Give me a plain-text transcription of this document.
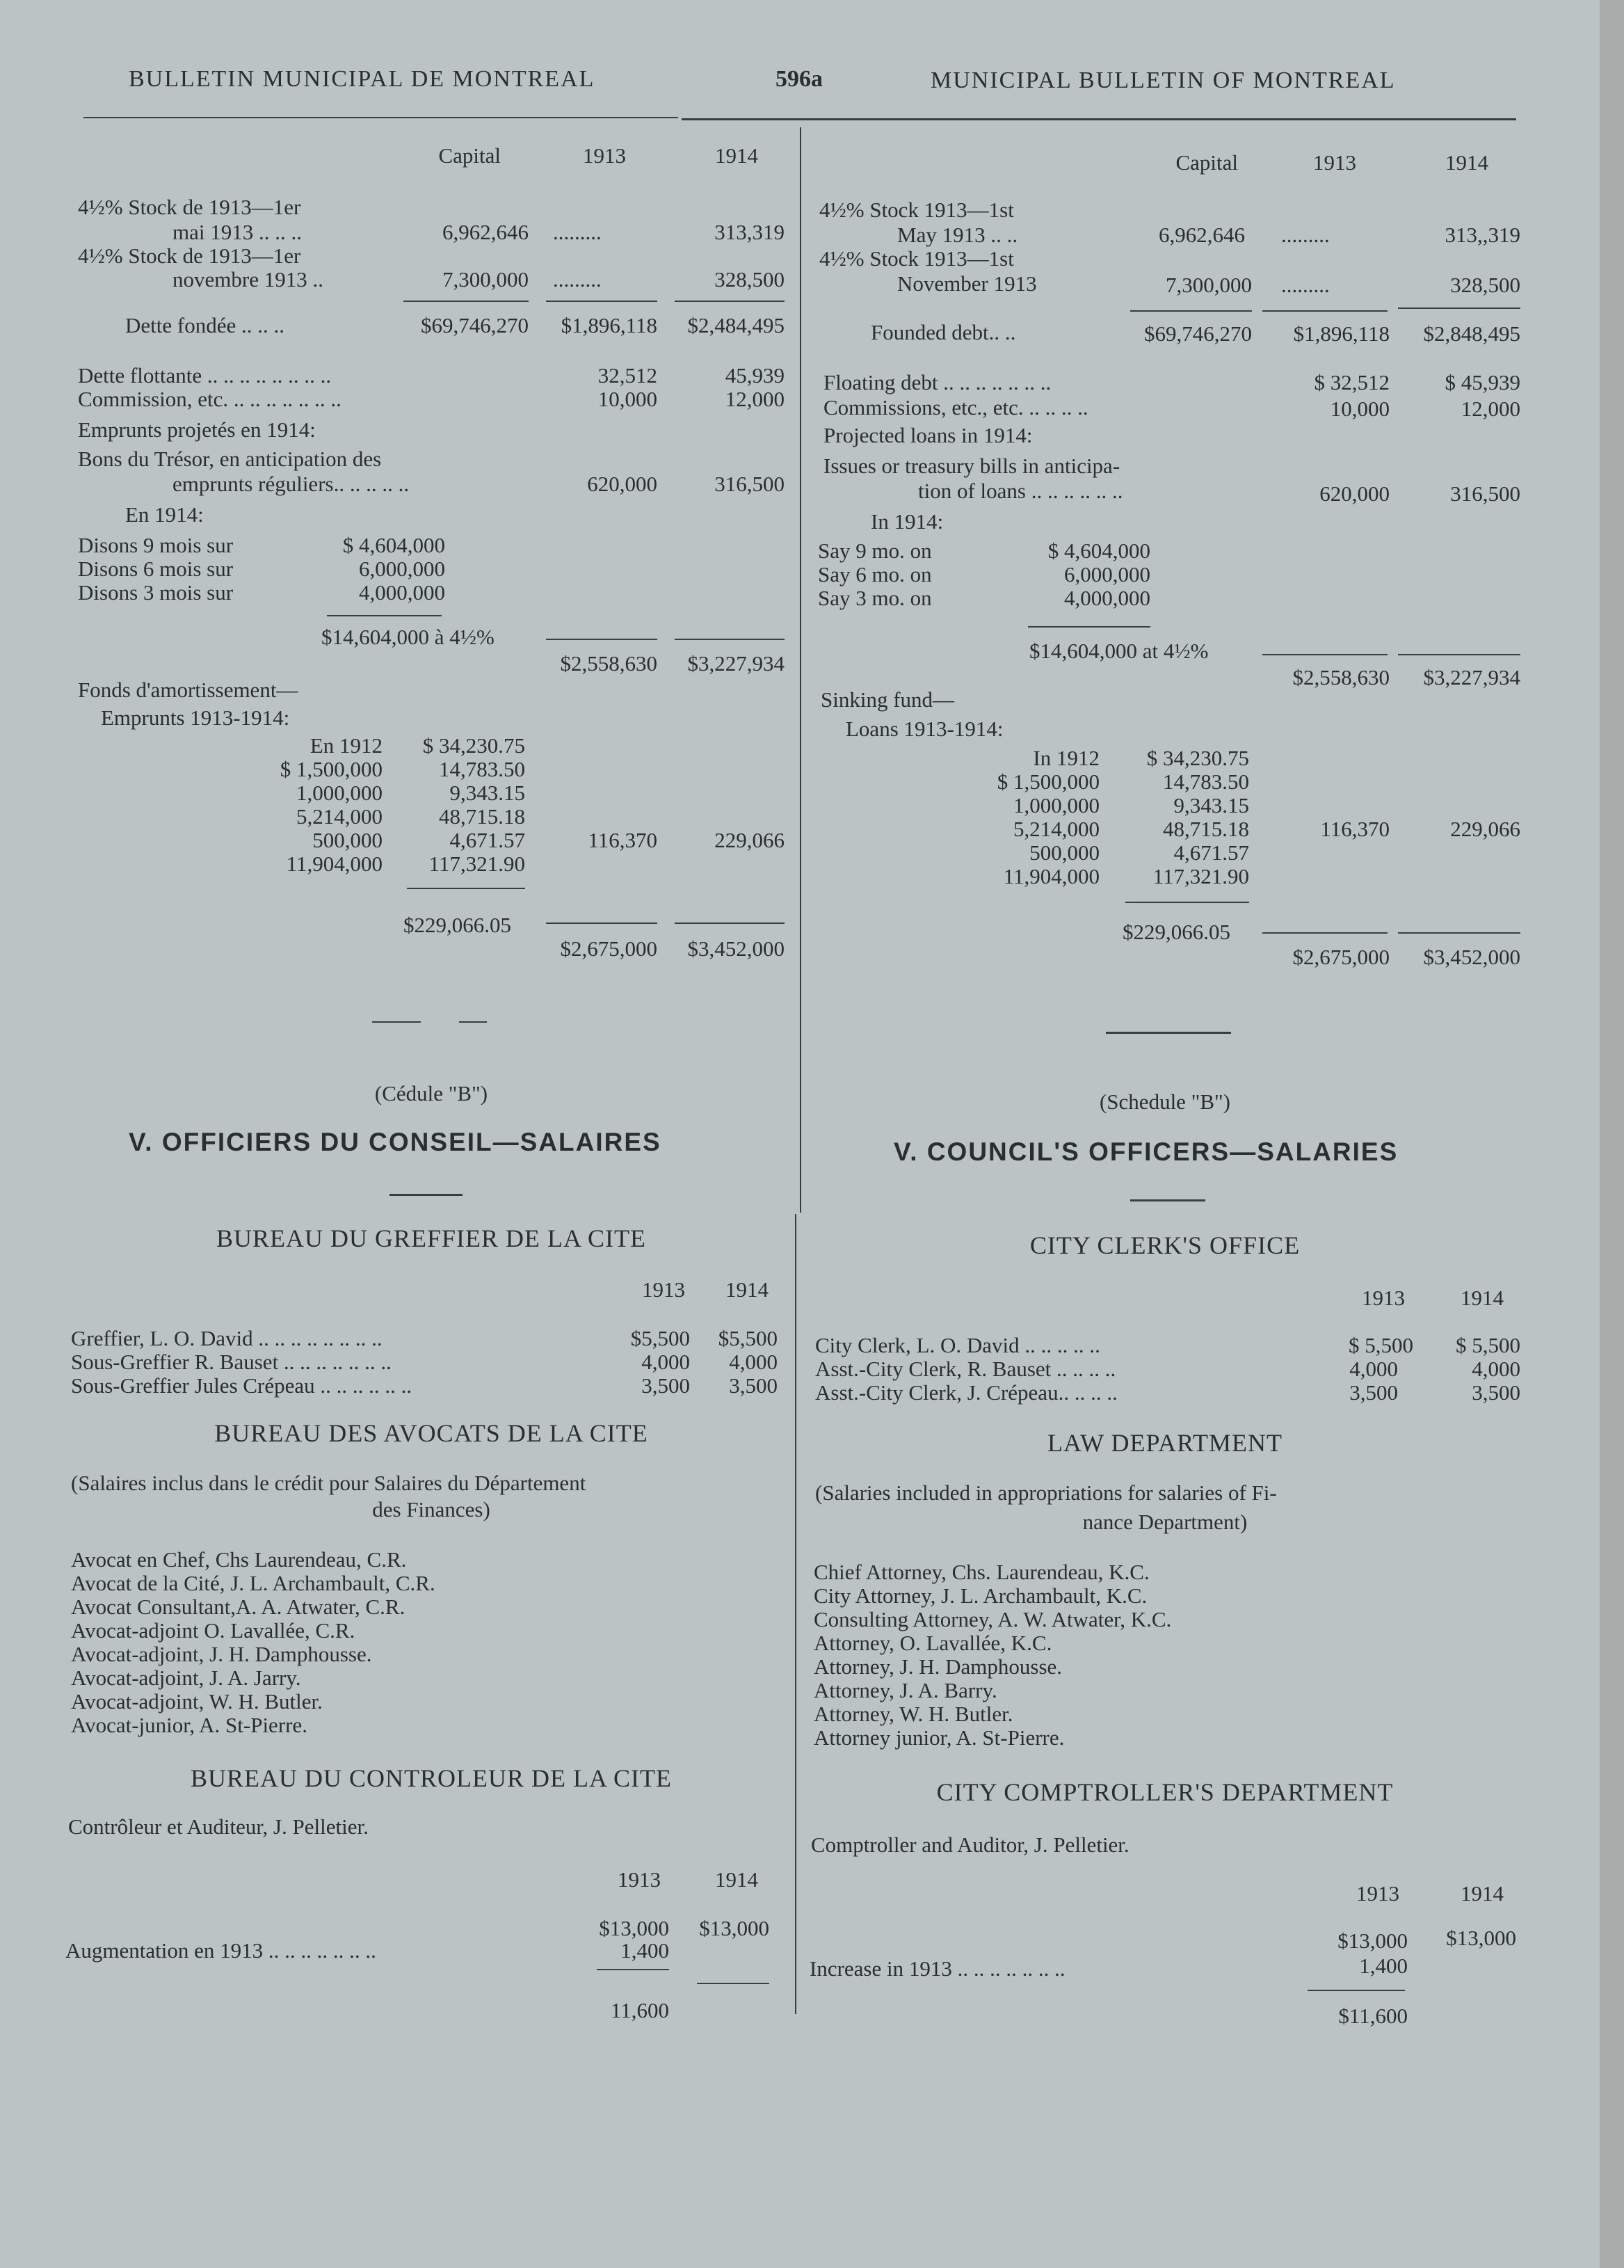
BULLETIN MUNICIPAL DE MONTREAL	596a	MUNICIPAL BULLETIN OF MONTREAL
Capital	1913	1914
4½% Stock de 1913—1er
mai 1913 .. .. ..	6,962,646 .........	313,319
4½% Stock de 1913—1er
novembre 1913 ..	7,300,000 .........	328,500
Dette fondée .. .. ..	$69,746,270	$1,896,118	$2,484,495
Dette flottante .. .. .. .. .. .. .. ..	32,512	45,939
Commission, etc. .. .. .. .. .. .. ..	10,000	12,000
Emprunts projetés en 1914:
Bons du Trésor, en anticipation des
emprunts réguliers.. .. .. .. ..	620,000	316,500
En 1914:
Disons 9 mois sur	$ 4,604,000
Disons 6 mois sur	6,000,000
Disons 3 mois sur	4,000,000
$14,604,000 à 4½%
$2,558,630	$3,227,934
Fonds d'amortissement—
Emprunts 1913-1914:
En 1912	$ 34,230.75
$ 1,500,000	14,783.50
1,000,000	9,343.15
5,214,000	48,715.18
500,000	4,671.57	116,370	229,066
11,904,000	117,321.90
$229,066.05
$2,675,000	$3,452,000
(Cédule "B")
V. OFFICIERS DU CONSEIL—SALAIRES
BUREAU DU GREFFIER DE LA CITE
1913	1914
Greffier, L. O. David .. .. .. .. .. .. .. ..	$5,500	$5,500
Sous-Greffier R. Bauset .. .. .. .. .. .. ..	4,000	4,000
Sous-Greffier Jules Crépeau .. .. .. .. .. ..	3,500	3,500
BUREAU DES AVOCATS DE LA CITE
(Salaires inclus dans le crédit pour Salaires du Département
des Finances)
Avocat en Chef, Chs Laurendeau, C.R.
Avocat de la Cité, J. L. Archambault, C.R.
Avocat Consultant,A. A. Atwater, C.R.
Avocat-adjoint O. Lavallée, C.R.
Avocat-adjoint, J. H. Damphousse.
Avocat-adjoint, J. A. Jarry.
Avocat-adjoint, W. H. Butler.
Avocat-junior, A. St-Pierre.
BUREAU DU CONTROLEUR DE LA CITE
Contrôleur et Auditeur, J. Pelletier.
1913	1914
$13,000	$13,000
Augmentation en 1913 .. .. .. .. .. .. ..	1,400
11,600
Capital	1913	1914
4½% Stock 1913—1st
May 1913 .. ..	6,962,646 .........	313,,319
4½% Stock 1913—1st
November 1913	7,300,000 .........	328,500
Founded debt.. ..	$69,746,270	$1,896,118	$2,848,495
Floating debt .. .. .. .. .. .. ..	$ 32,512	$ 45,939
Commissions, etc., etc. .. .. .. ..	10,000	12,000
Projected loans in 1914:
Issues or treasury bills in anticipa-
tion of loans .. .. .. .. .. ..	620,000	316,500
In 1914:
Say 9 mo. on	$ 4,604,000
Say 6 mo. on	6,000,000
Say 3 mo. on	4,000,000
$14,604,000 at 4½%
$2,558,630	$3,227,934
Sinking fund—
Loans 1913-1914:
In 1912	$ 34,230.75
$ 1,500,000	14,783.50
1,000,000	9,343.15
5,214,000	48,715.18	116,370	229,066
500,000	4,671.57
11,904,000	117,321.90
$229,066.05
$2,675,000	$3,452,000
(Schedule "B")
V. COUNCIL'S OFFICERS—SALARIES
CITY CLERK'S OFFICE
1913	1914
City Clerk, L. O. David .. .. .. .. ..	$ 5,500	$ 5,500
Asst.-City Clerk, R. Bauset .. .. .. ..	4,000	4,000
Asst.-City Clerk, J. Crépeau.. .. .. ..	3,500	3,500
LAW DEPARTMENT
(Salaries included in appropriations for salaries of Fi-
nance Department)
Chief Attorney, Chs. Laurendeau, K.C.
City Attorney, J. L. Archambault, K.C.
Consulting Attorney, A. W. Atwater, K.C.
Attorney, O. Lavallée, K.C.
Attorney, J. H. Damphousse.
Attorney, J. A. Barry.
Attorney, W. H. Butler.
Attorney junior, A. St-Pierre.
CITY COMPTROLLER'S DEPARTMENT
Comptroller and Auditor, J. Pelletier.
1913	1914
$13,000	$13,000
Increase in 1913 .. .. .. .. .. .. ..	1,400
$11,600
